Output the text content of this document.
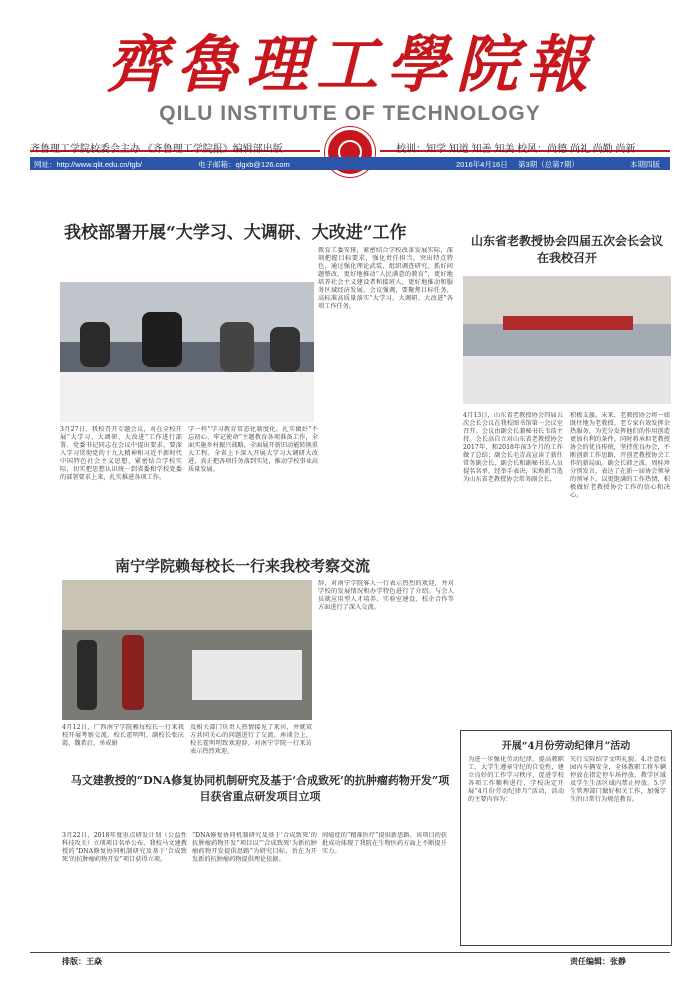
齊魯理工學院報
QILU INSTITUTE OF TECHNOLOGY
齐鲁理工学院校委会主办 《齐鲁理工学院报》编辑部出版	校训：知学 知道 知善 知美 校风：尚德 尚礼 尚勤 尚新
网址：http://www.qlit.edu.cn/tgb/	电子邮箱：qlgxb@126.com	2016年4月16日 第3期（总第7期）	本期四版
我校部署开展“大学习、大调研、大改进”工作
教育工委安排，紧密结合学校改革发展实际，深刻把握目标要求，强化责任担当，突出特点特色，通过强化理论武装、组织调查研究、抓好问题整改，更好地推动“人民满意的教育”，更好地培养社会主义建设者和接班人，更好地推动和服务区域经济发展。会议强调，要聚焦目标任务，高标准高质量落实“大学习、大调研、大改进”各项工作任务。
3月27日，我校召开专题会议，对在全校开展“大学习、大调研、大改进”工作进行部署。党委书记同志在会议中提出要求，要深入学习贯彻党的十九大精神和习近平新时代中国特色社会主义思想，紧密结合学校实际，切实把思想认识统一到省委和学校党委的部署要求上来，扎实推进各项工作。
学一样”学习教育常态化制度化，扎实做好“不忘初心、牢记使命”主题教育各项准备工作，全面实施乡村振兴战略，全面展开新旧动能转换重大工程。全省上下深入开展大学习大调研大改进，真正把各项任务落到实处，推动学校事业高质量发展。
山东省老教授协会四届五次会长会议在我校召开
4月13日，山东省老教授协会四届五次会长会议在我校图书馆第一会议室召开。会议由副会长兼秘书长韦浩主持。会长高自立对山东省老教授协会2017年、和2018年前3个月的工作做了总结；副会长毛青高宣读了新任常务副会长、副会长和副秘书长人员提名名单，经举手表决，宋焕新当选为山东省老教授协会常务副会长。
积极支援。未来，老教授协会将一如既往地为老教授、老专家有效发挥余热服务，为充分发挥他们的作用创造更加有利的条件。同时将承担老教授协会的优良传统，坚持优良办会，不断创新工作思路，开创老教授协会工作的新局面。副会长韩之波、周桂珍分别发言，表达了在新一届协会领导的领导下，以更饱满的工作热情，积极做好老教授协会工作的信心和决心。
南宁学院赖每校长一行来我校考察交流
辞，对南宁学院客人一行表示热烈的欢迎，并对学校的发展情况和办学特色进行了介绍。与会人员就应用型人才培养、实验室建设、校企合作等方面进行了深入交流。
4月12日，广西南宁学院赖每校长一行来我校开展考察交流。校长霍明明、副校长张庆霞、魏希启、单成娟
及相关部门负责人热情接见了来宾，并就双方共同关心的问题进行了交流。座谈会上，校长霍明明致欢迎辞，对南宁学院一行来访表示热烈欢迎。
马文建教授的“DNA修复协同机制研究及基于‘合成致死’的抗肿瘤药物开发”项目获省重点研发项目立项
3月22日，2018年度重点研发计划（公益性科技攻关）立项项目名单公布，我校马文建教授的“DNA修复协同机制研究及基于‘合成致死’的抗肿瘤药物开发”项目获得立项。
“DNA修复协同机制研究及基于‘合成致死’的抗肿瘤药物开发”项目以“‘合成致死’为新抗肿瘤药物开发提供思路”为研究目标，旨在为开发新的抗肿瘤药物提供理论依据。
间癌症的“精准医疗”提供新思路。该项目的获批成功体现了我院在生物医药方面上不断提升实力。
开展“4月份劳动纪律月”活动
为进一步强化劳动纪律，提高教职工、大学生遵章守纪的自觉性，建立良好的工作学习秩序，促进学校各项工作顺利进行，学校决定开展“4月份劳动纪律月”活动，活动的主要内容为：
矢行交际结学文明礼貌。4.注意校园内车辆安全，全体教职工将车辆停放在指定停车场停放，教学区域及学生生活区域内禁止停放。5.学生管理部门做好相关工作，加强学生的日常行为规范教育。
排版：王焱	责任编辑：张静
